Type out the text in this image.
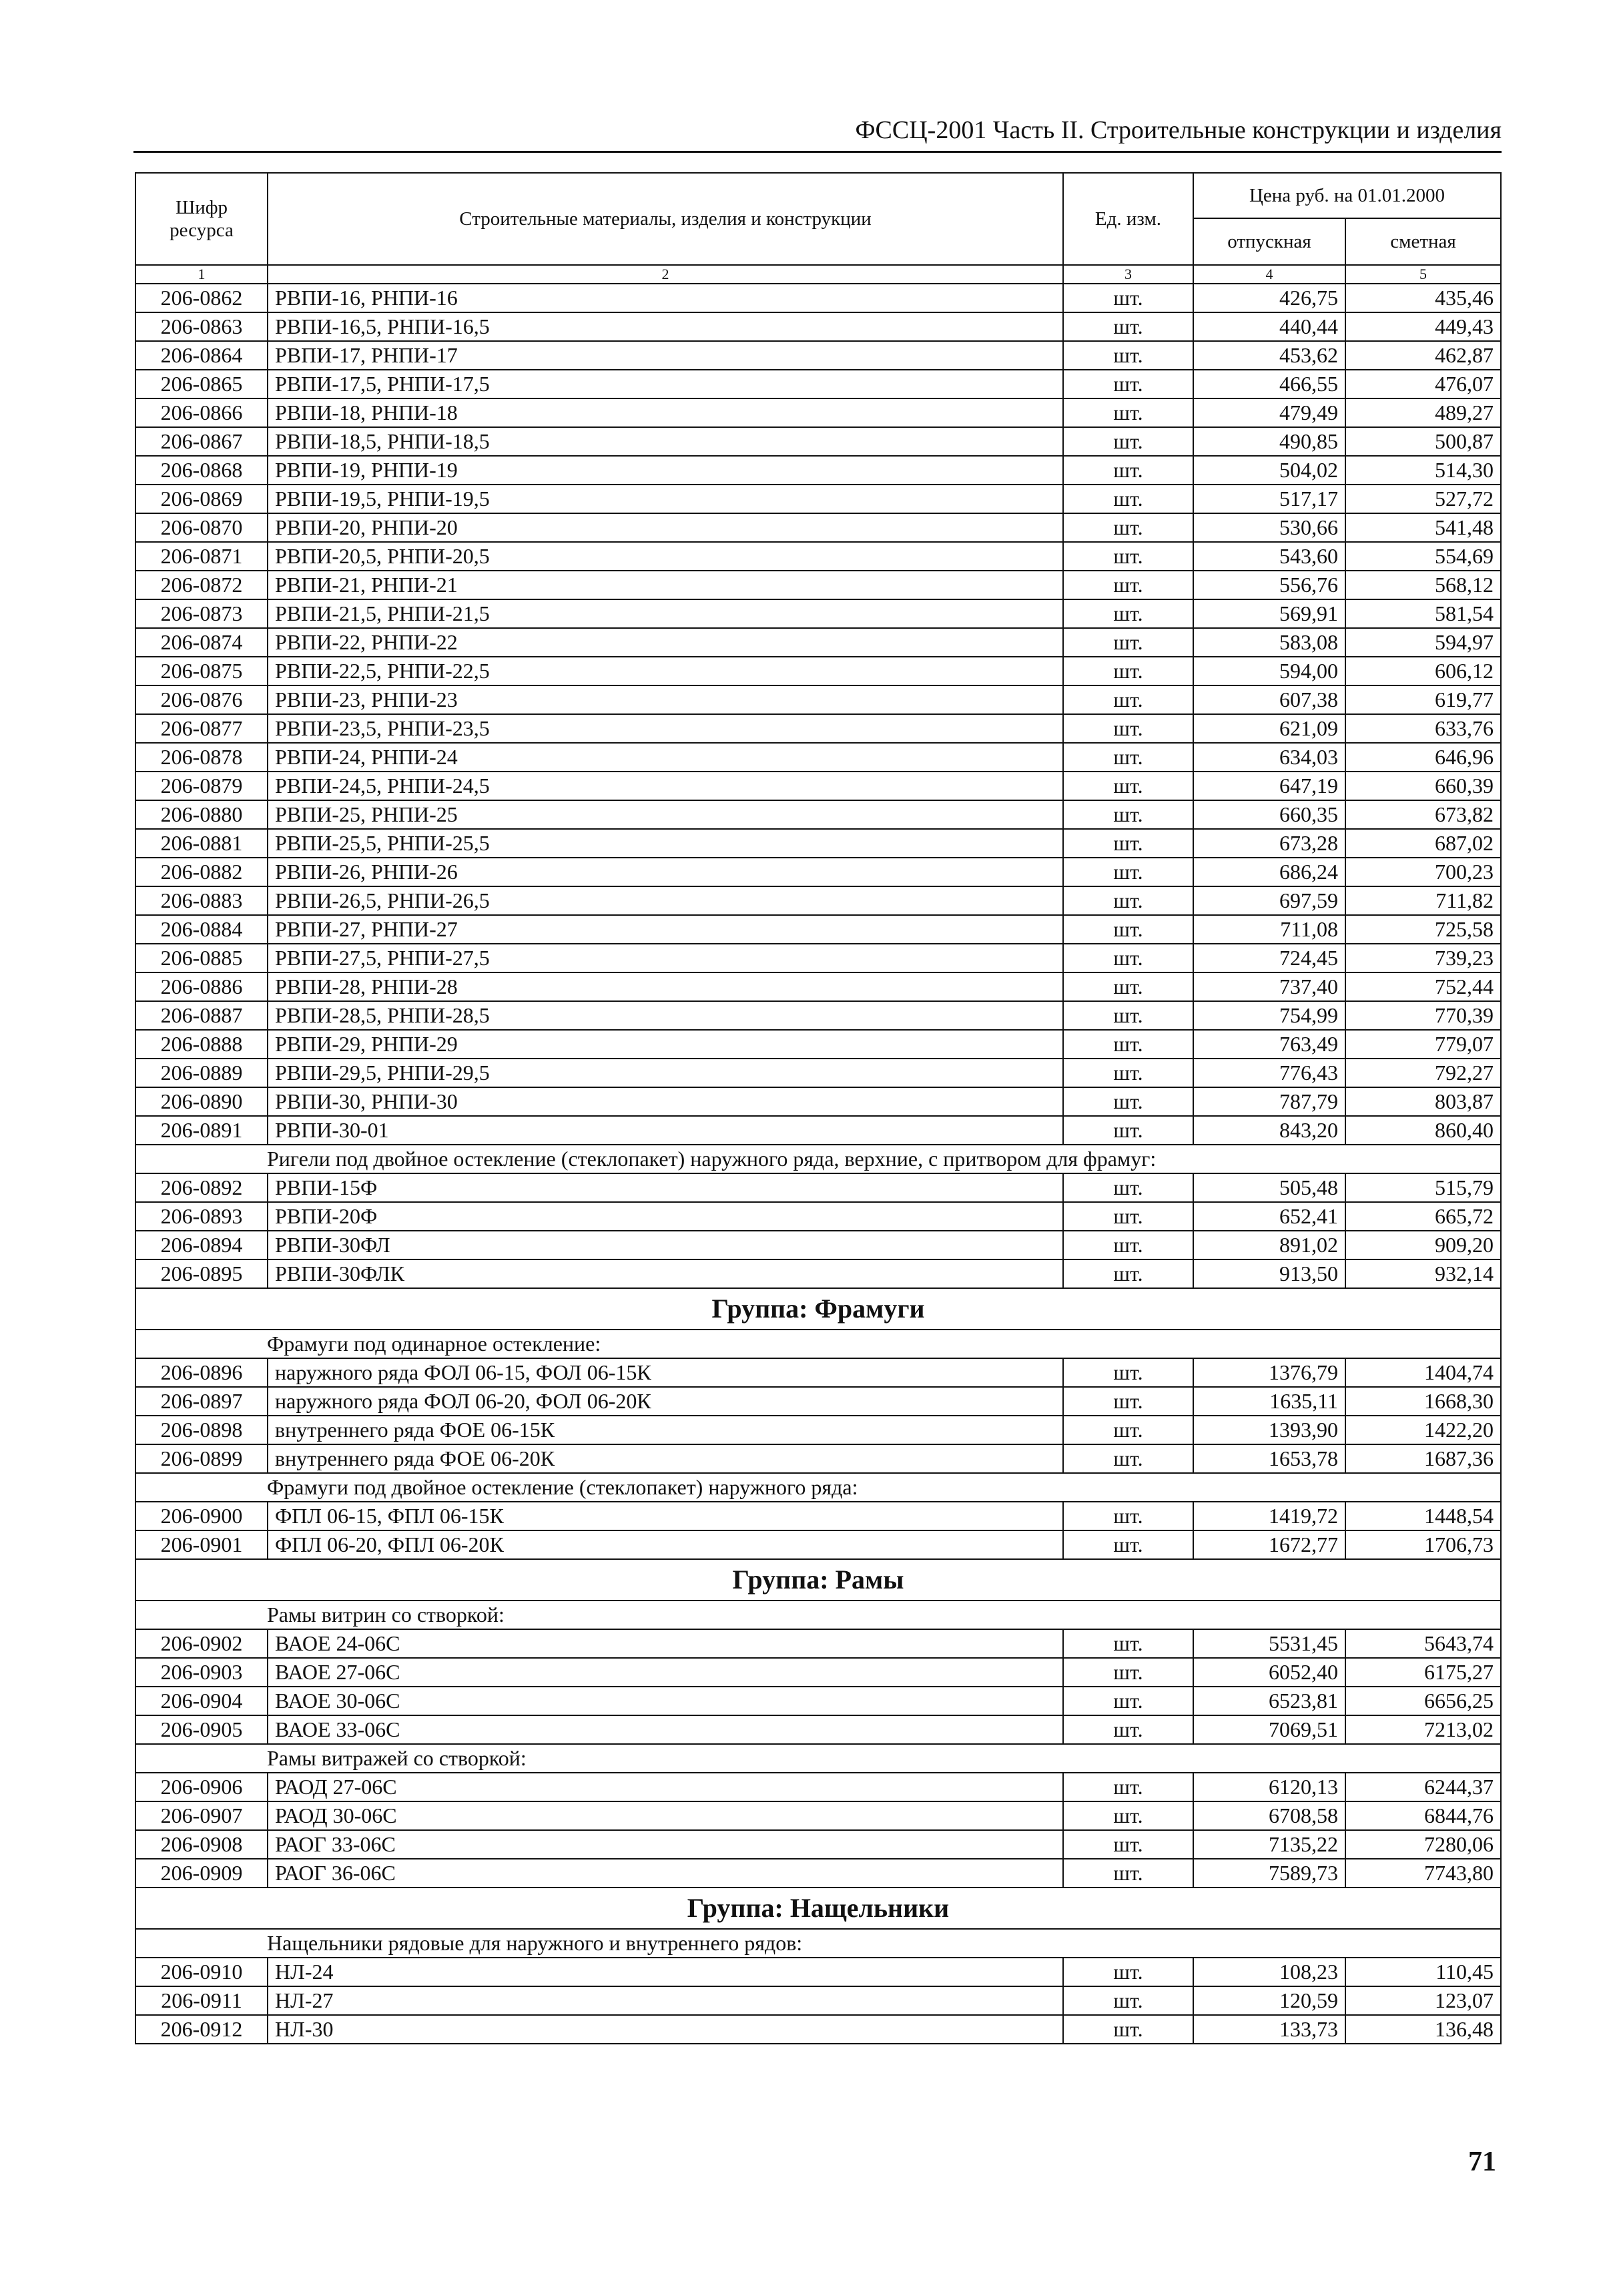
ФССЦ-2001 Часть II. Строительные конструкции и изделия
Шифр ресурса	Строительные материалы, изделия и конструкции	Ед. изм.	Цена руб. на 01.01.2000	
			отпускная	сметная
1	2	3	4	5
206-0862	РВПИ-16, РНПИ-16	шт.	426,75	435,46
206-0863	РВПИ-16,5, РНПИ-16,5	шт.	440,44	449,43
206-0864	РВПИ-17, РНПИ-17	шт.	453,62	462,87
206-0865	РВПИ-17,5, РНПИ-17,5	шт.	466,55	476,07
206-0866	РВПИ-18, РНПИ-18	шт.	479,49	489,27
206-0867	РВПИ-18,5, РНПИ-18,5	шт.	490,85	500,87
206-0868	РВПИ-19, РНПИ-19	шт.	504,02	514,30
206-0869	РВПИ-19,5, РНПИ-19,5	шт.	517,17	527,72
206-0870	РВПИ-20, РНПИ-20	шт.	530,66	541,48
206-0871	РВПИ-20,5, РНПИ-20,5	шт.	543,60	554,69
206-0872	РВПИ-21, РНПИ-21	шт.	556,76	568,12
206-0873	РВПИ-21,5, РНПИ-21,5	шт.	569,91	581,54
206-0874	РВПИ-22, РНПИ-22	шт.	583,08	594,97
206-0875	РВПИ-22,5, РНПИ-22,5	шт.	594,00	606,12
206-0876	РВПИ-23, РНПИ-23	шт.	607,38	619,77
206-0877	РВПИ-23,5, РНПИ-23,5	шт.	621,09	633,76
206-0878	РВПИ-24, РНПИ-24	шт.	634,03	646,96
206-0879	РВПИ-24,5, РНПИ-24,5	шт.	647,19	660,39
206-0880	РВПИ-25, РНПИ-25	шт.	660,35	673,82
206-0881	РВПИ-25,5, РНПИ-25,5	шт.	673,28	687,02
206-0882	РВПИ-26, РНПИ-26	шт.	686,24	700,23
206-0883	РВПИ-26,5, РНПИ-26,5	шт.	697,59	711,82
206-0884	РВПИ-27, РНПИ-27	шт.	711,08	725,58
206-0885	РВПИ-27,5, РНПИ-27,5	шт.	724,45	739,23
206-0886	РВПИ-28, РНПИ-28	шт.	737,40	752,44
206-0887	РВПИ-28,5, РНПИ-28,5	шт.	754,99	770,39
206-0888	РВПИ-29, РНПИ-29	шт.	763,49	779,07
206-0889	РВПИ-29,5, РНПИ-29,5	шт.	776,43	792,27
206-0890	РВПИ-30, РНПИ-30	шт.	787,79	803,87
206-0891	РВПИ-30-01	шт.	843,20	860,40
Ригели под двойное остекление (стеклопакет) наружного ряда, верхние, с притвором для фрамуг:				
206-0892	РВПИ-15Ф	шт.	505,48	515,79
206-0893	РВПИ-20Ф	шт.	652,41	665,72
206-0894	РВПИ-30ФЛ	шт.	891,02	909,20
206-0895	РВПИ-30ФЛК	шт.	913,50	932,14
Группа: Фрамуги				
Фрамуги под одинарное остекление:				
206-0896	наружного ряда ФОЛ 06-15, ФОЛ 06-15К	шт.	1376,79	1404,74
206-0897	наружного ряда ФОЛ 06-20, ФОЛ 06-20К	шт.	1635,11	1668,30
206-0898	внутреннего ряда ФОЕ 06-15К	шт.	1393,90	1422,20
206-0899	внутреннего ряда ФОЕ 06-20К	шт.	1653,78	1687,36
Фрамуги под двойное остекление (стеклопакет) наружного ряда:				
206-0900	ФПЛ 06-15, ФПЛ 06-15К	шт.	1419,72	1448,54
206-0901	ФПЛ 06-20, ФПЛ 06-20К	шт.	1672,77	1706,73
Группа: Рамы				
Рамы витрин со створкой:				
206-0902	ВАОЕ 24-06С	шт.	5531,45	5643,74
206-0903	ВАОЕ 27-06С	шт.	6052,40	6175,27
206-0904	ВАОЕ 30-06С	шт.	6523,81	6656,25
206-0905	ВАОЕ 33-06С	шт.	7069,51	7213,02
Рамы витражей со створкой:				
206-0906	РАОД 27-06С	шт.	6120,13	6244,37
206-0907	РАОД 30-06С	шт.	6708,58	6844,76
206-0908	РАОГ 33-06С	шт.	7135,22	7280,06
206-0909	РАОГ 36-06С	шт.	7589,73	7743,80
Группа: Нащельники				
Нащельники рядовые для наружного и внутреннего рядов:				
206-0910	НЛ-24	шт.	108,23	110,45
206-0911	НЛ-27	шт.	120,59	123,07
206-0912	НЛ-30	шт.	133,73	136,48
71
